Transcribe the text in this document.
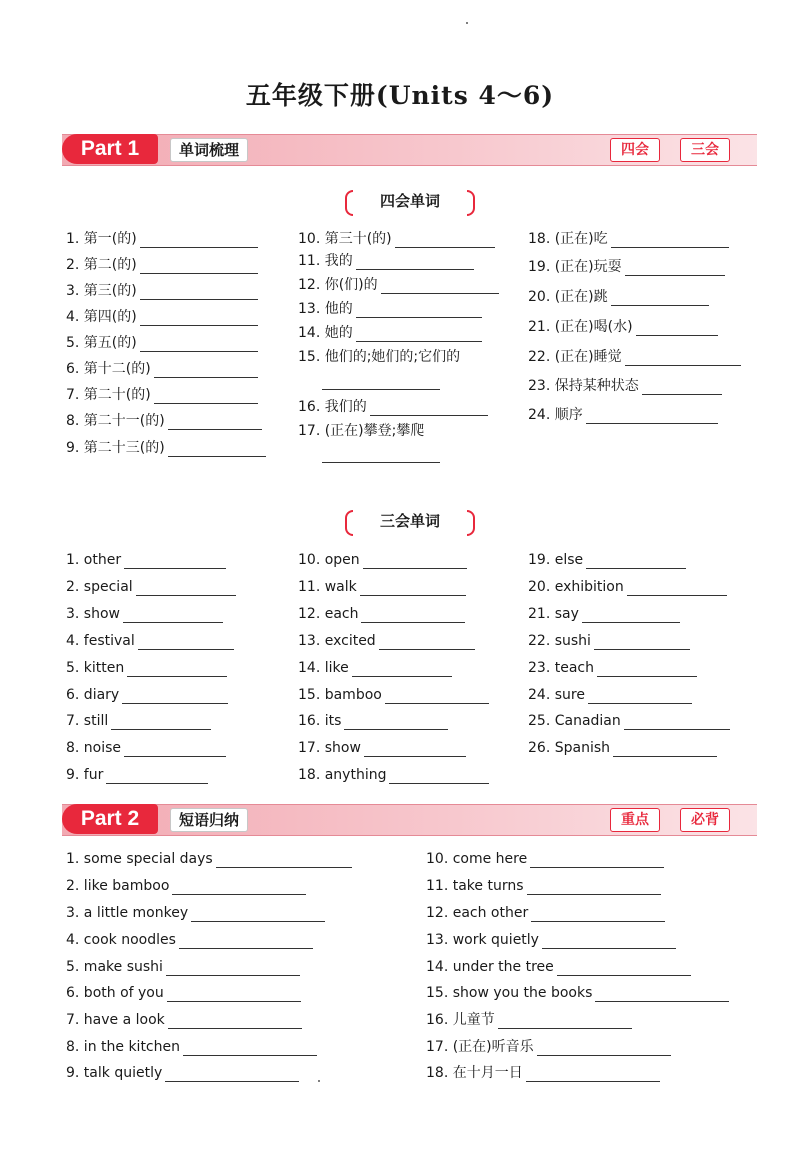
五年级下册(Units 4～6)
Part 1	单词梳理	四会	三会
四会单词
1. 第一(的)
2. 第二(的)
3. 第三(的)
4. 第四(的)
5. 第五(的)
6. 第十二(的)
7. 第二十(的)
8. 第二十一(的)
9. 第二十三(的)
10. 第三十(的)
11. 我的
12. 你(们)的
13. 他的
14. 她的
15. 他们的;她们的;它们的
16. 我们的
17. (正在)攀登;攀爬
18. (正在)吃
19. (正在)玩耍
20. (正在)跳
21. (正在)喝(水)
22. (正在)睡觉
23. 保持某种状态
24. 顺序
三会单词
1. other
2. special
3. show
4. festival
5. kitten
6. diary
7. still
8. noise
9. fur
10. open
11. walk
12. each
13. excited
14. like
15. bamboo
16. its
17. show
18. anything
19. else
20. exhibition
21. say
22. sushi
23. teach
24. sure
25. Canadian
26. Spanish
Part 2	短语归纳	重点	必背
1. some special days
2. like bamboo
3. a little monkey
4. cook noodles
5. make sushi
6. both of you
7. have a look
8. in the kitchen
9. talk quietly
10. come here
11. take turns
12. each other
13. work quietly
14. under the tree
15. show you the books
16. 儿童节
17. (正在)听音乐
18. 在十月一日
